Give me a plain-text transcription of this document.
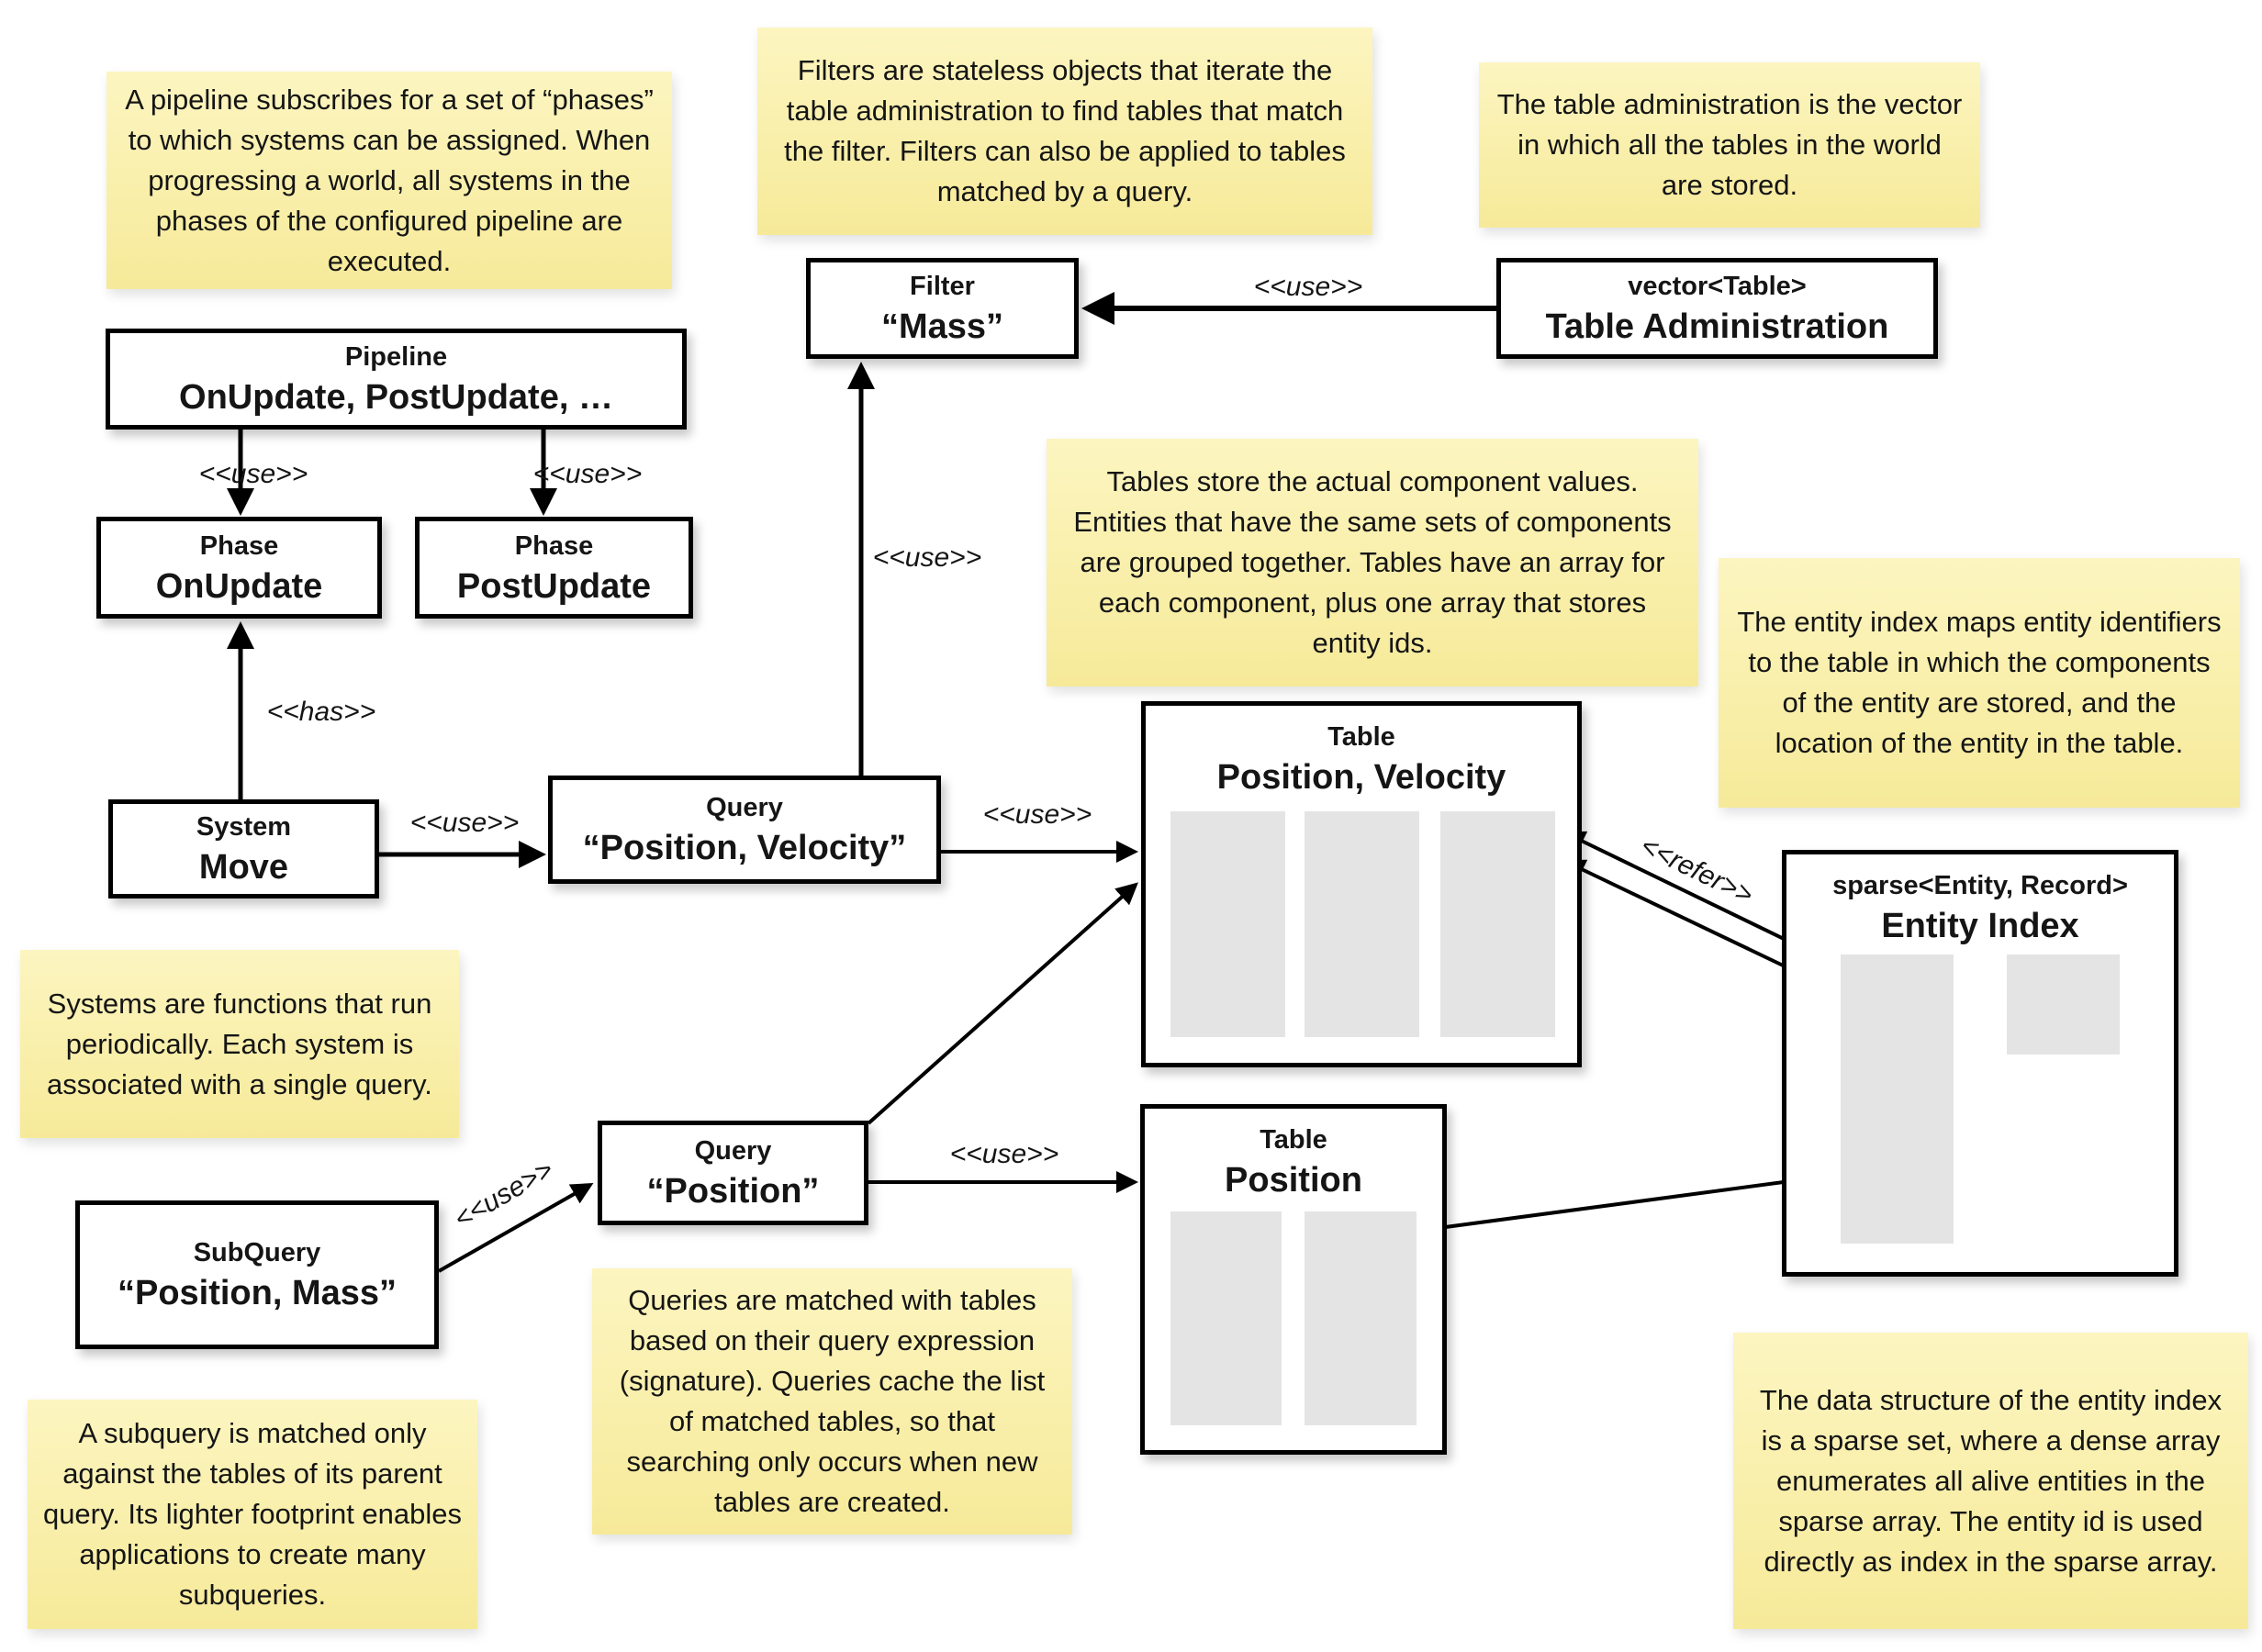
A pipeline subscribes for a set of “phases” to which systems can be assigned. When progressing a world, all systems in the phases of the configured pipeline are executed.
Filters are stateless objects that iterate the table administration to find tables that match the filter. Filters can also be applied to tables matched by a query.
The table administration is the vector in which all the tables in the world are stored.
Tables store the actual component values. Entities that have the same sets of components are grouped together. Tables have an array for each component, plus one array that stores entity ids.
The entity index maps entity identifiers to the table in which the components of the entity are stored, and the location of the entity in the table.
Systems are functions that run periodically. Each system is associated with a single query.
Queries are matched with tables based on their query expression (signature). Queries cache the list of matched tables, so that searching only occurs when new tables are created.
A subquery is matched only against the tables of its parent query. Its lighter footprint enables applications to create many subqueries.
The data structure of the entity index is a sparse set, where a dense array enumerates all alive entities in the sparse array. The entity id is used directly as index in the sparse array.
Pipeline
OnUpdate, PostUpdate, …
Phase
OnUpdate
Phase
PostUpdate
System
Move
Query
“Position, Velocity”
Query
“Position”
SubQuery
“Position, Mass”
Filter
“Mass”
vector<Table>
Table Administration
Table
Position, Velocity
Table
Position
sparse<Entity, Record>
Entity Index
<<use>>	<<use>>
<<has>>
<<use>>
<<use>>
<<use>>
<<use>>
<<use>>
<<use>>
<<refer>>
